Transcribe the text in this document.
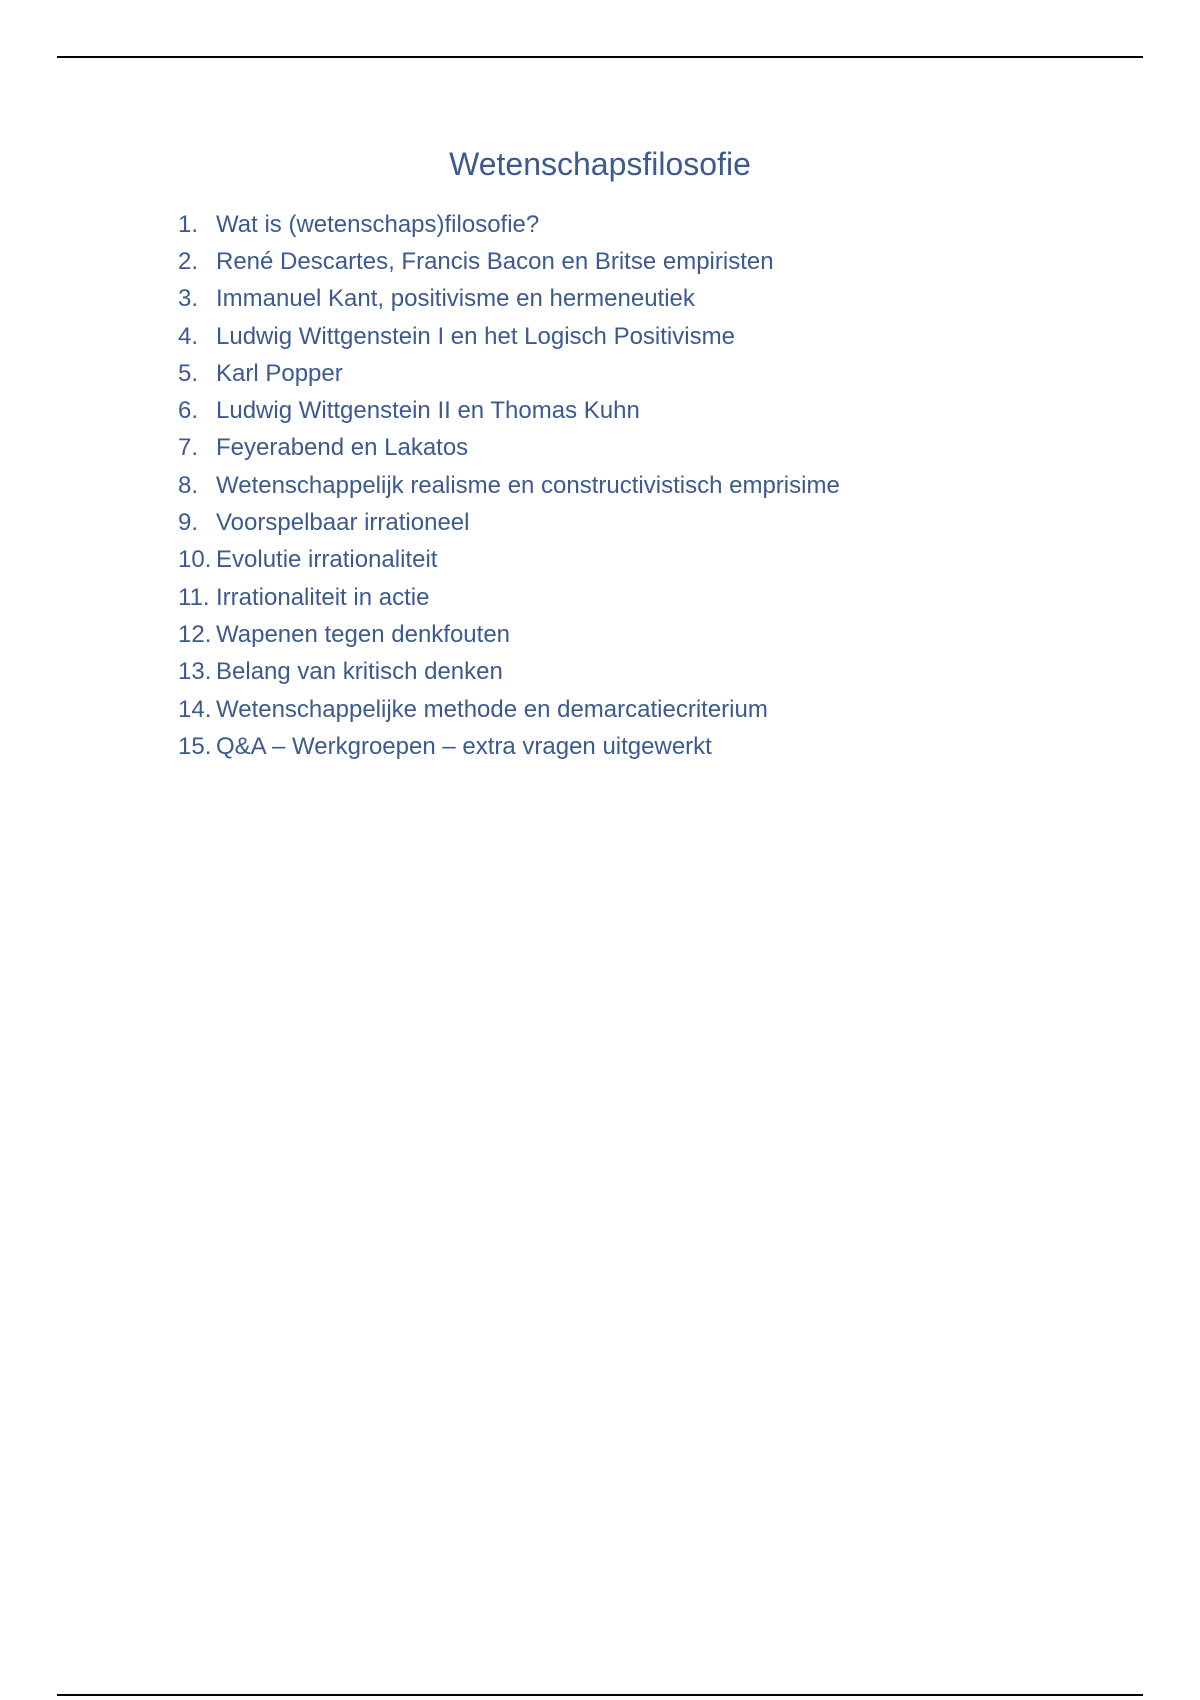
Wetenschapsfilosofie
1. Wat is (wetenschaps)filosofie?
2. René Descartes, Francis Bacon en Britse empiristen
3. Immanuel Kant, positivisme en hermeneutiek
4. Ludwig Wittgenstein I en het Logisch Positivisme
5. Karl Popper
6. Ludwig Wittgenstein II en Thomas Kuhn
7. Feyerabend en Lakatos
8. Wetenschappelijk realisme en constructivistisch emprisime
9. Voorspelbaar irrationeel
10. Evolutie irrationaliteit
11. Irrationaliteit in actie
12. Wapenen tegen denkfouten
13. Belang van kritisch denken
14. Wetenschappelijke methode en demarcatiecriterium
15. Q&A – Werkgroepen – extra vragen uitgewerkt
